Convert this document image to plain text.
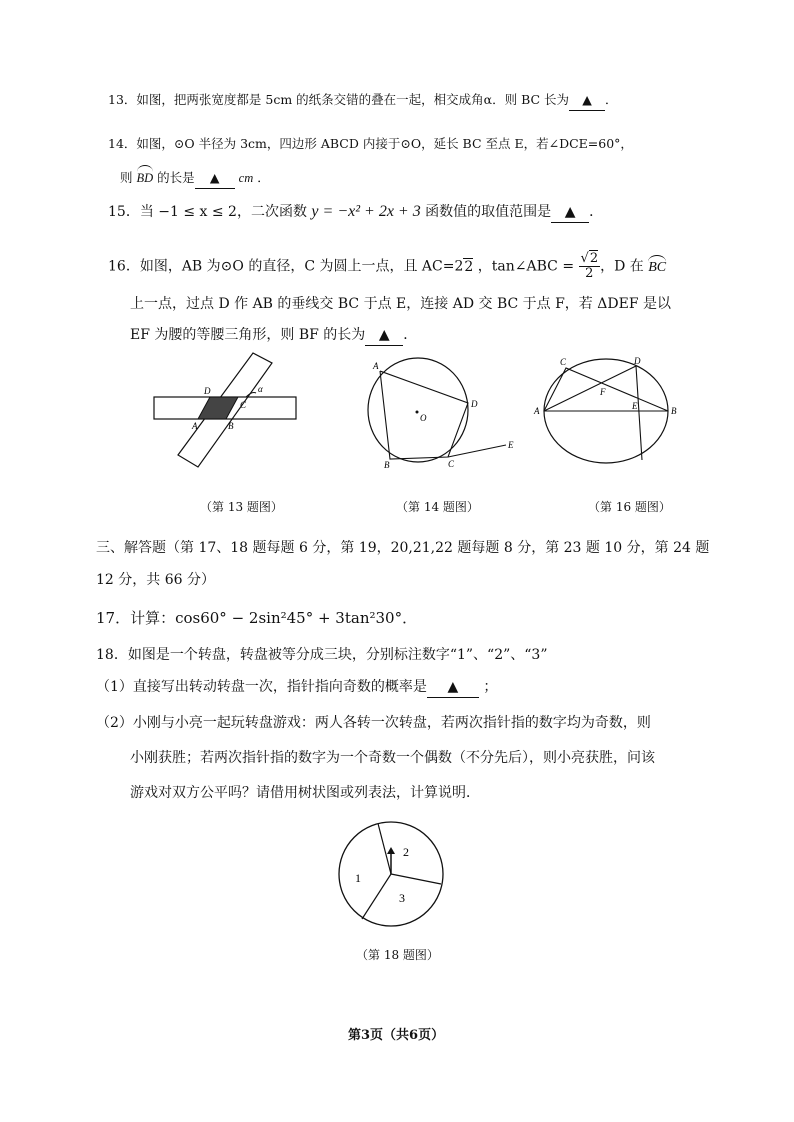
13．如图，把两张宽度都是 5cm 的纸条交错的叠在一起，相交成角α．则 BC 长为 ▲ ．
14．如图，⊙O 半径为 3cm，四边形 ABCD 内接于⊙O，延长 BC 至点 E，若∠DCE=60°，
则 BD 的长是 ▲ cm ．
15．当 −1 ≤ x ≤ 2，二次函数 y = −x² + 2x + 3 函数值的取值范围是 ▲ ．
16．如图，AB 为⊙O 的直径，C 为圆上一点，且 AC=22 ，tan∠ABC = $\frac{√2}{2}$ ，D 在 BC
上一点，过点 D 作 AB 的垂线交 BC 于点 E，连接 AD 交 BC 于点 F，若 ΔDEF 是以
EF 为腰的等腰三角形，则 BF 的长为 ▲ ．
D
C
A	B
α
（第 13 题图）
O
A
D
B	C
E
（第 14 题图）
C	D
A	B
F
E
（第 16 题图）
三、解答题（第 17、18 题每题 6 分，第 19，20,21,22 题每题 8 分，第 23 题 10 分，第 24 题
12 分，共 66 分）
17．计算：cos60° − 2sin²45° + 3tan²30°．
18．如图是一个转盘，转盘被等分成三块，分别标注数字“1”、“2”、“3”
（1）直接写出转动转盘一次，指针指向奇数的概率是 ▲ ；
（2）小刚与小亮一起玩转盘游戏：两人各转一次转盘，若两次指针指的数字均为奇数，则
小刚获胜；若两次指针指的数字为一个奇数一个偶数（不分先后），则小亮获胜，问该
游戏对双方公平吗？请借用树状图或列表法，计算说明．
1
2
3
（第 18 题图）
第3页（共6页）
